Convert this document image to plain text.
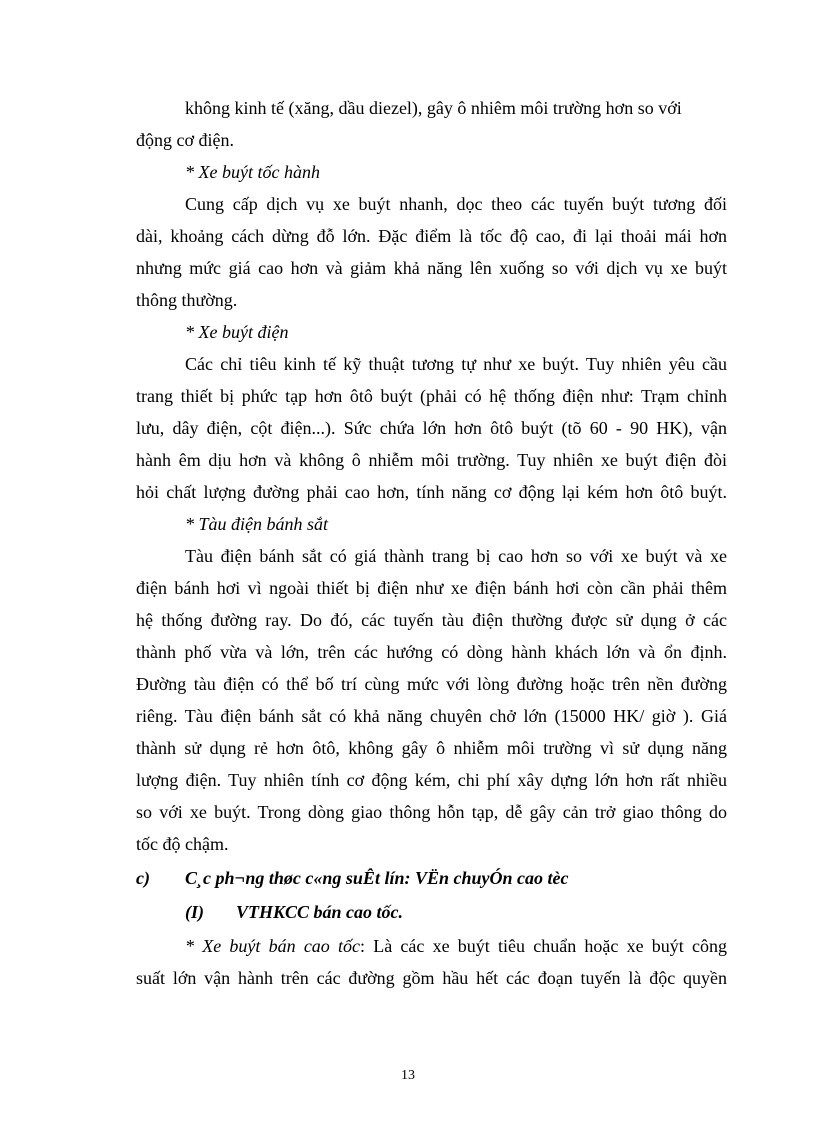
không kinh tế (xăng, dầu diezel), gây ô nhiêm môi trường hơn so với
động cơ điện.
* Xe buýt tốc hành
Cung cấp dịch vụ xe buýt nhanh, dọc theo các tuyến buýt tương đối
dài, khoảng cách dừng đỗ lớn. Đặc điểm là tốc độ cao, đi lại thoải mái hơn
nhưng mức giá cao hơn và giảm khả năng lên xuống so với dịch vụ xe buýt
thông thường.
* Xe buýt điện
Các chỉ tiêu kinh tế kỹ thuật tương tự như xe buýt. Tuy nhiên yêu cầu
trang thiết bị phức tạp hơn ôtô buýt (phải có hệ thống điện như: Trạm chỉnh
lưu, dây điện, cột điện...). Sức chứa lớn hơn ôtô buýt (tõ 60 - 90 HK), vận
hành êm dịu hơn và không ô nhiễm môi trường. Tuy nhiên xe buýt điện đòi
hỏi chất lượng đường phải cao hơn, tính năng cơ động lại kém hơn ôtô buýt.
* Tàu điện bánh sắt
Tàu điện bánh sắt có giá thành trang bị cao hơn so với xe buýt và xe
điện bánh hơi vì ngoài thiết bị điện như xe điện bánh hơi còn cần phải thêm
hệ thống đường ray. Do đó, các tuyến tàu điện thường được sử dụng ở các
thành phố vừa và lớn, trên các hướng có dòng hành khách lớn và ổn định.
Đường tàu điện có thể bố trí cùng mức với lòng đường hoặc trên nền đường
riêng. Tàu điện bánh sắt có khả năng chuyên chở lớn (15000 HK/ giờ ). Giá
thành sử dụng rẻ hơn ôtô, không gây ô nhiễm môi trường vì sử dụng năng
lượng điện. Tuy nhiên tính cơ động kém, chi phí xây dựng lớn hơn rất nhiều
so với xe buýt. Trong dòng giao thông hỗn tạp, dễ gây cản trở giao thông do
tốc độ chậm.
c) C¸c ph¬ng thøc c«ng suÊt lín: VËn chuyÓn cao tèc
(I) VTHKCC bán cao tốc.
* Xe buýt bán cao tốc: Là các xe buýt tiêu chuẩn hoặc xe buýt công
suất lớn vận hành trên các đường gồm hầu hết các đoạn tuyến là độc quyền
13
